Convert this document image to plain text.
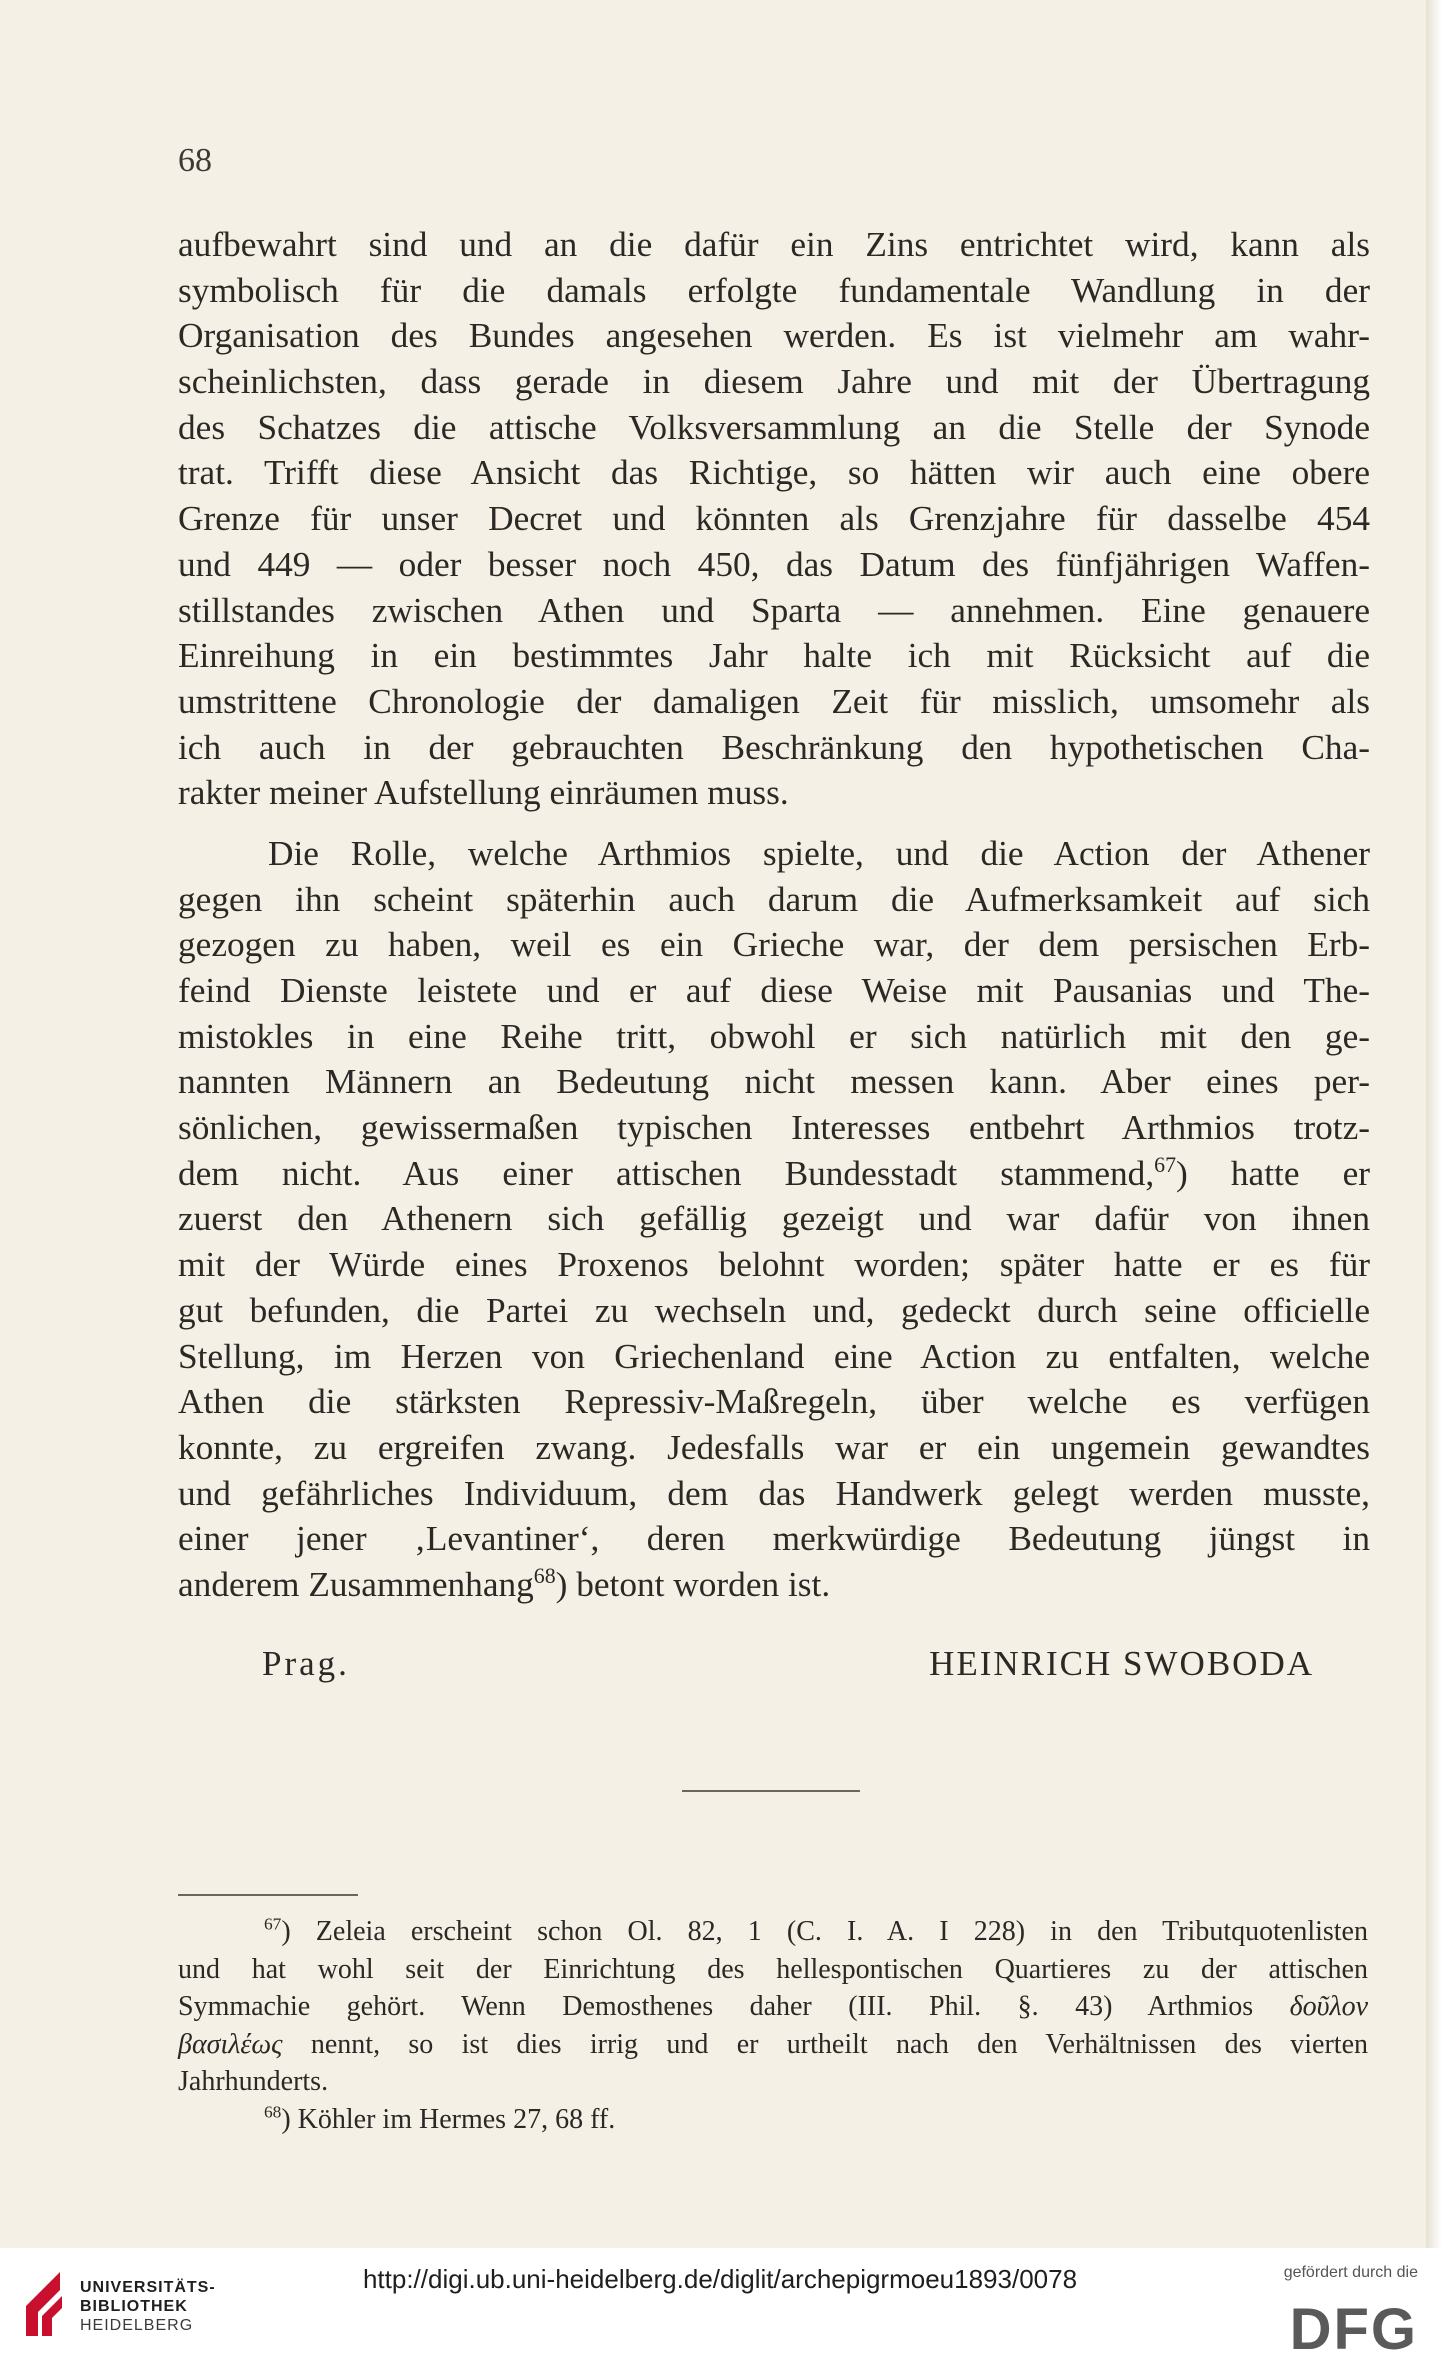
68
aufbewahrt sind und an die dafür ein Zins entrichtet wird, kann als
symbolisch für die damals erfolgte fundamentale Wandlung in der
Organisation des Bundes angesehen werden. Es ist vielmehr am wahr-
scheinlichsten, dass gerade in diesem Jahre und mit der Übertragung
des Schatzes die attische Volksversammlung an die Stelle der Synode
trat. Trifft diese Ansicht das Richtige, so hätten wir auch eine obere
Grenze für unser Decret und könnten als Grenzjahre für dasselbe 454
und 449 — oder besser noch 450, das Datum des fünfjährigen Waffen-
stillstandes zwischen Athen und Sparta — annehmen. Eine genauere
Einreihung in ein bestimmtes Jahr halte ich mit Rücksicht auf die
umstrittene Chronologie der damaligen Zeit für misslich, umsomehr als
ich auch in der gebrauchten Beschränkung den hypothetischen Cha-
rakter meiner Aufstellung einräumen muss.
Die Rolle, welche Arthmios spielte, und die Action der Athener
gegen ihn scheint späterhin auch darum die Aufmerksamkeit auf sich
gezogen zu haben, weil es ein Grieche war, der dem persischen Erb-
feind Dienste leistete und er auf diese Weise mit Pausanias und The-
mistokles in eine Reihe tritt, obwohl er sich natürlich mit den ge-
nannten Männern an Bedeutung nicht messen kann. Aber eines per-
sönlichen, gewissermaßen typischen Interesses entbehrt Arthmios trotz-
dem nicht. Aus einer attischen Bundesstadt stammend,$^{67}$) hatte er
zuerst den Athenern sich gefällig gezeigt und war dafür von ihnen
mit der Würde eines Proxenos belohnt worden; später hatte er es für
gut befunden, die Partei zu wechseln und, gedeckt durch seine officielle
Stellung, im Herzen von Griechenland eine Action zu entfalten, welche
Athen die stärksten Repressiv-Maßregeln, über welche es verfügen
konnte, zu ergreifen zwang. Jedesfalls war er ein ungemein gewandtes
und gefährliches Individuum, dem das Handwerk gelegt werden musste,
einer jener ‚Levantiner‘, deren merkwürdige Bedeutung jüngst in
anderem Zusammenhang$^{68}$) betont worden ist.
Prag.	HEINRICH SWOBODA
$^{67}$) Zeleia erscheint schon Ol. 82, 1 (C. I. A. I 228) in den Tributquotenlisten
und hat wohl seit der Einrichtung des hellespontischen Quartieres zu der attischen
Symmachie gehört. Wenn Demosthenes daher (III. Phil. §. 43) Arthmios δοῦλον
βασιλέως nennt, so ist dies irrig und er urtheilt nach den Verhältnissen des vierten
Jahrhunderts.
$^{68}$) Köhler im Hermes 27, 68 ff.
UNIVERSITÄTS-
BIBLIOTHEK
HEIDELBERG
http://digi.ub.uni-heidelberg.de/diglit/archepigrmoeu1893/0078	gefördert durch die
DFG
